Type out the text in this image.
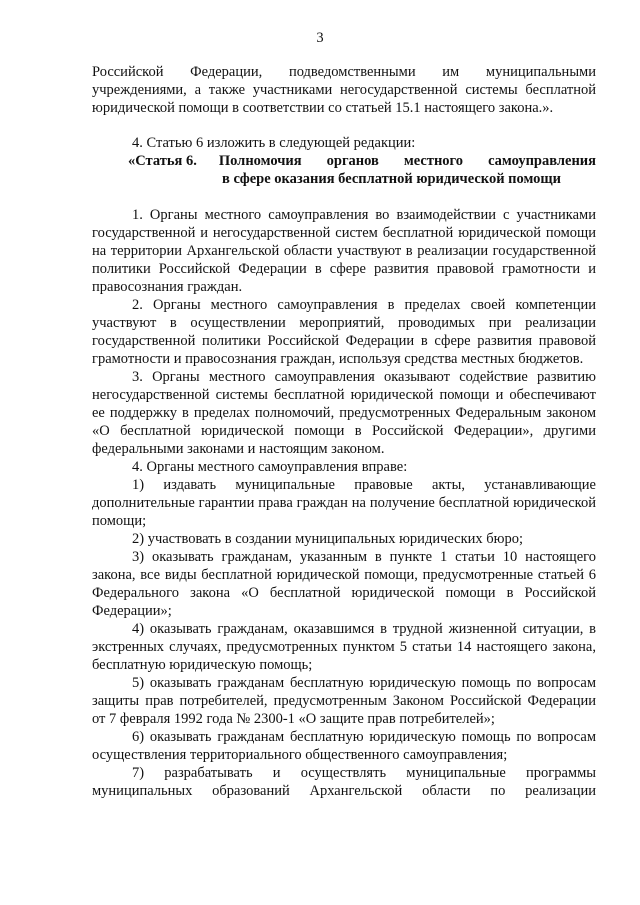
3

Российской      Федерации,      подведомственными      им      муниципальными

учреждениями, а также участниками негосударственной системы бесплатной

юридической помощи в соответствии со статьей 15.1 настоящего закона.».

4. Статью 6 изложить в следующей редакции:

«Статья 6. Полномочия   органов   местного   самоуправления
в сфере оказания бесплатной юридической помощи

1. Органы местного самоуправления во взаимодействии с участниками государственной и негосударственной систем бесплатной юридической помощи на территории Архангельской области участвуют в реализации государственной политики Российской Федерации в сфере развития правовой грамотности и правосознания граждан.

2. Органы местного самоуправления в пределах своей компетенции участвуют в осуществлении мероприятий, проводимых при реализации государственной политики Российской Федерации в сфере развития правовой грамотности и правосознания граждан, используя средства местных бюджетов.

3. Органы местного самоуправления оказывают содействие развитию негосударственной системы бесплатной юридической помощи и обеспечивают ее поддержку в пределах полномочий, предусмотренных Федеральным законом «О бесплатной юридической помощи в Российской Федерации», другими федеральными законами и настоящим законом.

4. Органы местного самоуправления вправе:

1) издавать муниципальные правовые акты, устанавливающие дополнительные гарантии права граждан на получение бесплатной юридической помощи;

2) участвовать в создании муниципальных юридических бюро;

3) оказывать гражданам, указанным в пункте 1 статьи 10 настоящего закона, все виды бесплатной юридической помощи, предусмотренные статьей 6 Федерального закона «О бесплатной юридической помощи в Российской Федерации»;

4) оказывать гражданам, оказавшимся в трудной жизненной ситуации, в экстренных случаях, предусмотренных пунктом 5 статьи 14 настоящего закона, бесплатную юридическую помощь;

5) оказывать гражданам бесплатную юридическую помощь по вопросам защиты прав потребителей, предусмотренным Законом Российской Федерации от 7 февраля 1992 года № 2300-1 «О защите прав потребителей»;

6) оказывать гражданам бесплатную юридическую помощь по вопросам осуществления территориального общественного самоуправления;

7) разрабатывать и осуществлять муниципальные программы муниципальных образований Архангельской области по реализации
